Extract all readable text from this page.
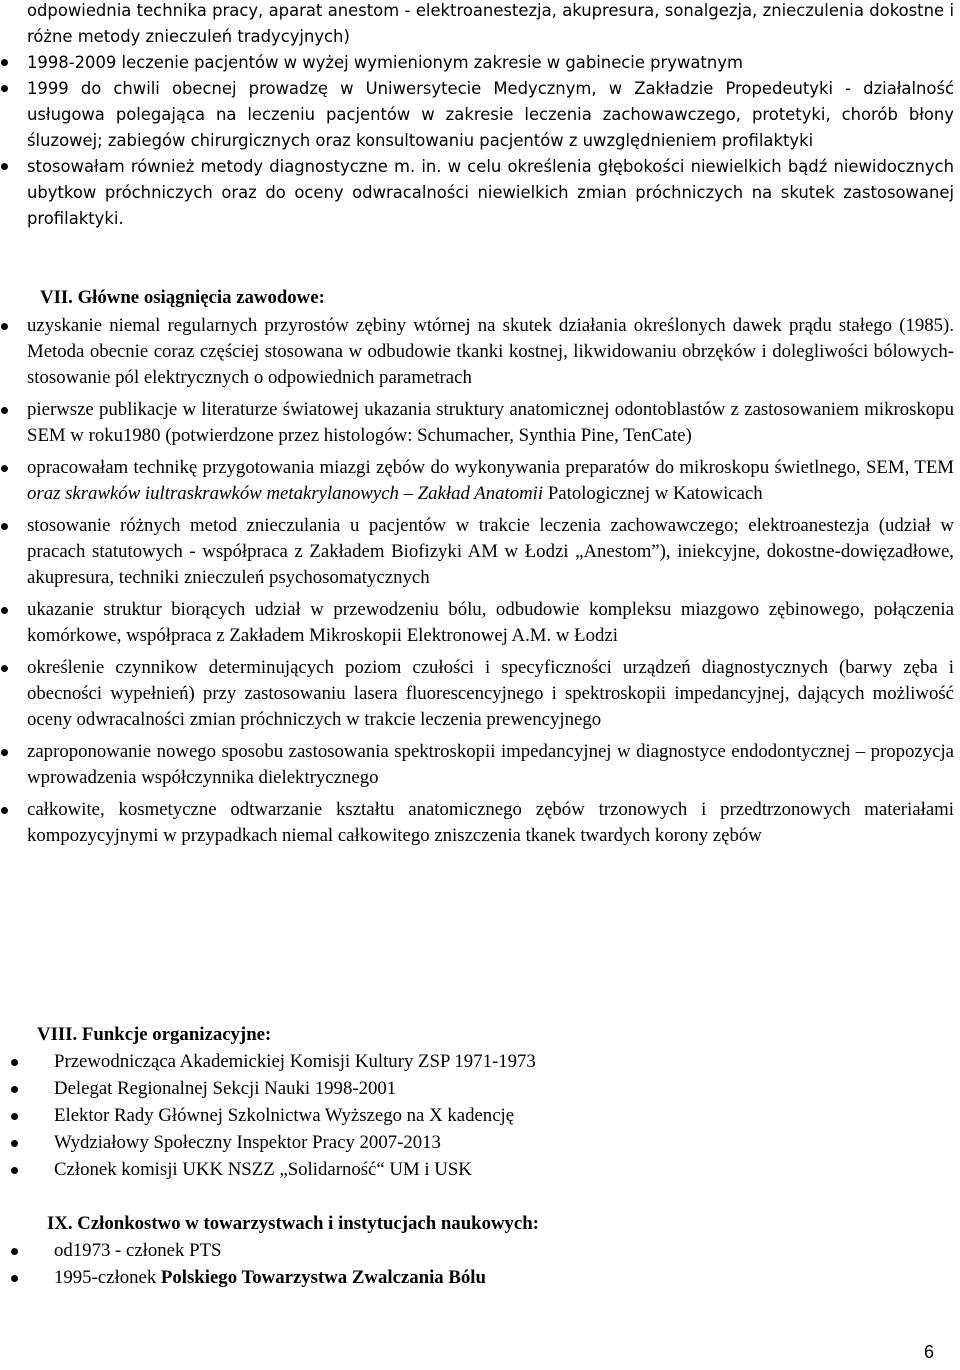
odpowiednia technika pracy, aparat anestom - elektroanestezja, akupresura, sonalgezja, znieczulenia dokostne i różne metody znieczuleń tradycyjnych)
1998-2009 leczenie pacjentów w wyżej wymienionym zakresie w gabinecie prywatnym
1999 do chwili obecnej prowadzę w Uniwersytecie Medycznym, w Zakładzie Propedeutyki - działalność usługowa polegająca na leczeniu pacjentów w zakresie leczenia zachowawczego, protetyki, chorób błony śluzowej; zabiegów chirurgicznych oraz konsultowaniu pacjentów z uwzględnieniem profilaktyki
stosowałam również metody diagnostyczne m. in. w celu określenia głębokości niewielkich bądź niewidocznych ubytkow próchniczych oraz do oceny odwracalności niewielkich zmian próchniczych na skutek zastosowanej profilaktyki.
VII. Główne osiągnięcia zawodowe:
uzyskanie niemal regularnych przyrostów zębiny wtórnej na skutek działania określonych dawek prądu stałego (1985). Metoda obecnie coraz częściej stosowana w odbudowie tkanki kostnej, likwidowaniu obrzęków i dolegliwości bólowych- stosowanie pól elektrycznych o odpowiednich parametrach
pierwsze publikacje w literaturze światowej ukazania struktury anatomicznej odontoblastów z zastosowaniem mikroskopu SEM w roku1980 (potwierdzone przez histologów: Schumacher, Synthia Pine, TenCate)
opracowałam technikę przygotowania miazgi zębów do wykonywania preparatów do mikroskopu świetlnego, SEM, TEM oraz skrawków iultraskrawków metakrylanowych – Zakład Anatomii Patologicznej w Katowicach
stosowanie różnych metod znieczulania u pacjentów w trakcie leczenia zachowawczego; elektroanestezja (udział w pracach statutowych - współpraca z Zakładem Biofizyki AM w Łodzi „Anestom”), iniekcyjne, dokostne-dowięzadłowe, akupresura, techniki znieczuleń psychosomatycznych
ukazanie struktur biorących udział w przewodzeniu bólu, odbudowie kompleksu miazgowo zębinowego, połączenia komórkowe, współpraca z Zakładem Mikroskopii Elektronowej A.M. w Łodzi
określenie czynnikow determinujących poziom czułości i specyficzności urządzeń diagnostycznych (barwy zęba i obecności wypełnień) przy zastosowaniu lasera fluorescencyjnego i spektroskopii impedancyjnej, dających możliwość oceny odwracalności zmian próchniczych w trakcie leczenia prewencyjnego
zaproponowanie nowego sposobu zastosowania spektroskopii impedancyjnej w diagnostyce endodontycznej – propozycja wprowadzenia współczynnika dielektrycznego
całkowite, kosmetyczne odtwarzanie kształtu anatomicznego zębów trzonowych i przedtrzonowych materiałami kompozycyjnymi w przypadkach niemal całkowitego zniszczenia tkanek twardych korony zębów
VIII. Funkcje organizacyjne:
Przewodnicząca Akademickiej Komisji Kultury ZSP 1971-1973
Delegat Regionalnej Sekcji Nauki 1998-2001
Elektor Rady Głównej Szkolnictwa Wyższego na X kadencję
Wydziałowy Społeczny Inspektor Pracy 2007-2013
Członek komisji UKK NSZZ „Solidarność“ UM i USK
IX. Członkostwo w towarzystwach i instytucjach naukowych:
od1973 - członek PTS
1995-członek Polskiego Towarzystwa Zwalczania Bólu
6
